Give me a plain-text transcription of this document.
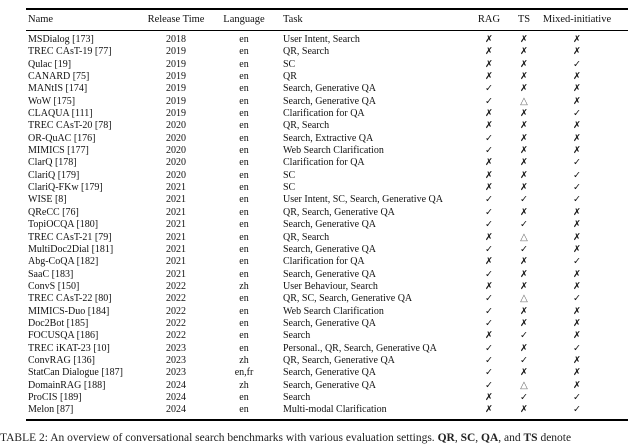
Name	Release Time	Language	Task	RAG	TS	Mixed-initiative
MSDialog [173]	2018	en	User Intent, Search	✗	✗	✗
TREC CAsT-19 [77]	2019	en	QR, Search	✗	✗	✗
Qulac [19]	2019	en	SC	✗	✗	✓
CANARD [75]	2019	en	QR	✗	✗	✗
MANtIS [174]	2019	en	Search, Generative QA	✓	✗	✗
WoW [175]	2019	en	Search, Generative QA	✓	△	✗
CLAQUA [111]	2019	en	Clarification for QA	✗	✗	✓
TREC CAsT-20 [78]	2020	en	QR, Search	✗	✗	✗
OR-QuAC [176]	2020	en	Search, Extractive QA	✓	✗	✗
MIMICS [177]	2020	en	Web Search Clarification	✓	✗	✗
ClarQ [178]	2020	en	Clarification for QA	✗	✗	✓
ClariQ [179]	2020	en	SC	✗	✗	✓
ClariQ-FKw [179]	2021	en	SC	✗	✗	✓
WISE [8]	2021	en	User Intent, SC, Search, Generative QA	✓	✓	✓
QReCC [76]	2021	en	QR, Search, Generative QA	✓	✗	✗
TopiOCQA [180]	2021	en	Search, Generative QA	✓	✓	✗
TREC CAsT-21 [79]	2021	en	QR, Search	✗	△	✗
MultiDoc2Dial [181]	2021	en	Search, Generative QA	✓	✓	✗
Abg-CoQA [182]	2021	en	Clarification for QA	✗	✗	✓
SaaC [183]	2021	en	Search, Generative QA	✓	✗	✗
ConvS [150]	2022	zh	User Behaviour, Search	✗	✗	✗
TREC CAsT-22 [80]	2022	en	QR, SC, Search, Generative QA	✓	△	✓
MIMICS-Duo [184]	2022	en	Web Search Clarification	✓	✗	✗
Doc2Bot [185]	2022	en	Search, Generative QA	✓	✗	✗
FOCUSQA [186]	2022	en	Search	✗	✓	✗
TREC iKAT-23 [10]	2023	en	Personal., QR, Search, Generative QA	✓	✗	✓
ConvRAG [136]	2023	zh	QR, Search, Generative QA	✓	✓	✗
StatCan Dialogue [187]	2023	en,fr	Search, Generative QA	✓	✗	✗
DomainRAG [188]	2024	zh	Search, Generative QA	✓	△	✗
ProCIS [189]	2024	en	Search	✗	✓	✓
Melon [87]	2024	en	Multi-modal Clarification	✗	✗	✓
TABLE 2: An overview of conversational search benchmarks with various evaluation settings. QR, SC, QA, and TS denote
